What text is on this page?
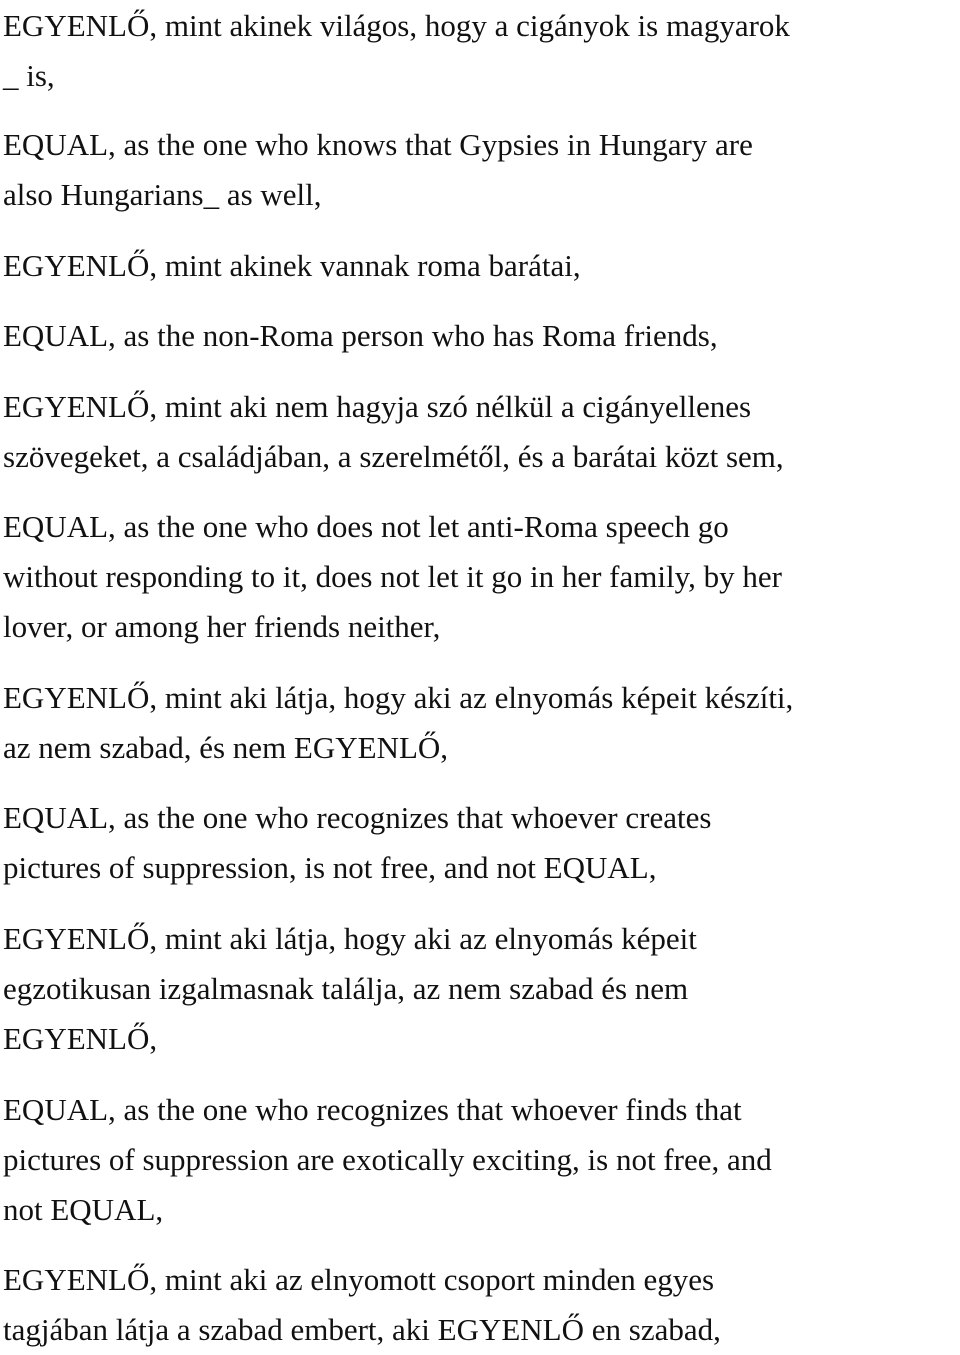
EGYENLŐ, mint akinek világos, hogy a cigányok is magyarok
_ is,
EQUAL, as the one who knows that Gypsies in Hungary are
also Hungarians_ as well,
EGYENLŐ, mint akinek vannak roma barátai,
EQUAL, as the non-Roma person who has Roma friends,
EGYENLŐ, mint aki nem hagyja szó nélkül a cigányellenes
szövegeket, a családjában, a szerelmétől, és a barátai közt sem,
EQUAL, as the one who does not let anti-Roma speech go
without responding to it, does not let it go in her family, by her
lover, or among her friends neither,
EGYENLŐ, mint aki látja, hogy aki az elnyomás képeit készíti,
az nem szabad, és nem EGYENLŐ,
EQUAL, as the one who recognizes that whoever creates
pictures of suppression, is not free, and not EQUAL,
EGYENLŐ, mint aki látja, hogy aki az elnyomás képeit
egzotikusan izgalmasnak találja, az nem szabad és nem
EGYENLŐ,
EQUAL, as the one who recognizes that whoever finds that
pictures of suppression are exotically exciting, is not free, and
not EQUAL,
EGYENLŐ, mint aki az elnyomott csoport minden egyes
tagjában látja a szabad embert, aki EGYENLŐ en szabad,
